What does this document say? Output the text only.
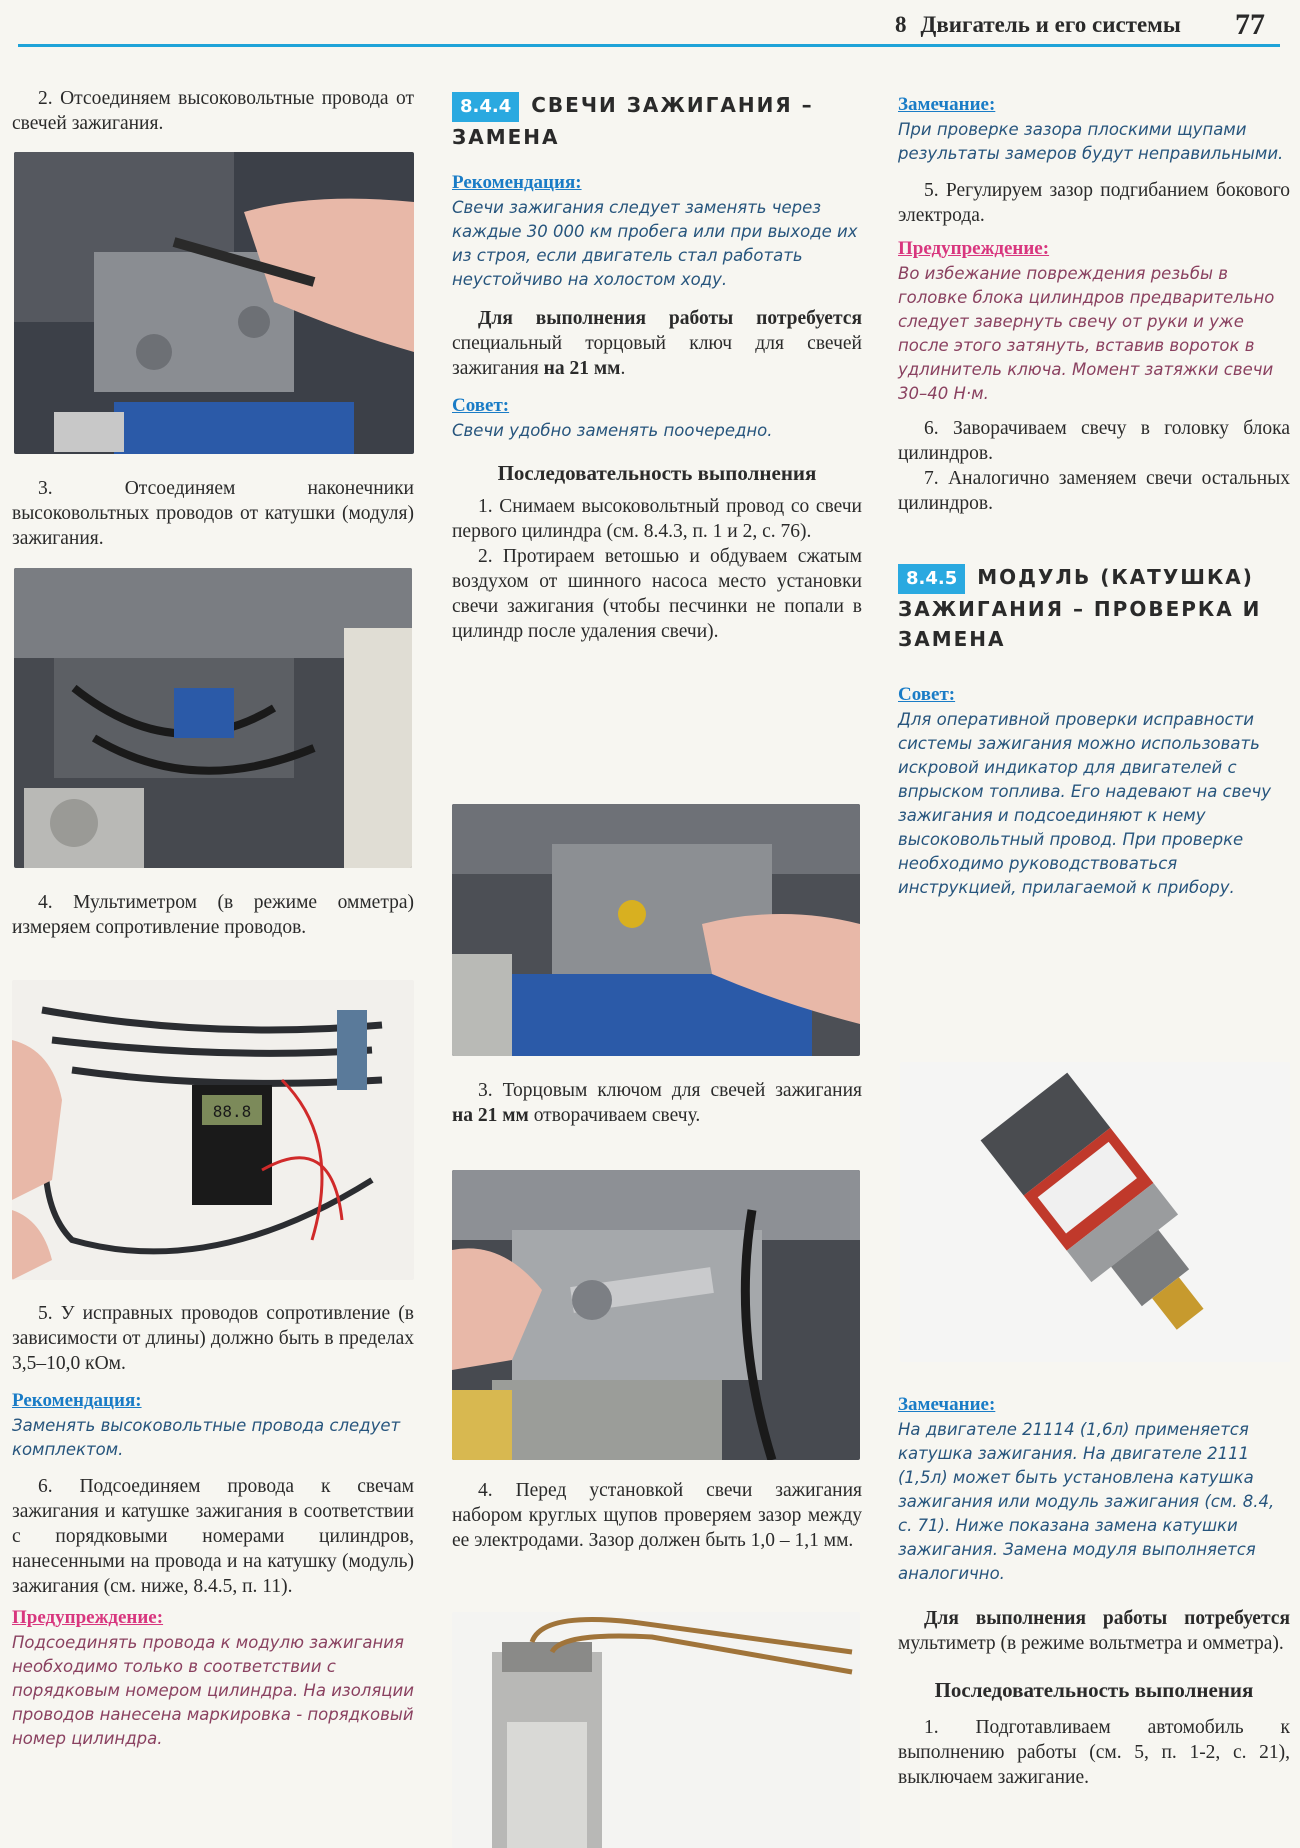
8 Двигатель и его системы 77

2. Отсоединяем высоковольтные провода от свечей зажигания.

3. Отсоединяем наконечники высоковольтных проводов от катушки (модуля) зажигания.

4. Мультиметром (в режиме омметра) измеряем сопротивление проводов.

88.8

5. У исправных проводов сопротивление (в зависимости от длины) должно быть в пределах 3,5–10,0 кОм.

Рекомендация:

Заменять высоковольтные провода следует комплектом.

6. Подсоединяем провода к свечам зажигания и катушке зажигания в соответствии с порядковыми номерами цилиндров, нанесенными на провода и на катушку (модуль) зажигания (см. ниже, 8.4.5, п. 11).

Предупреждение:

Подсоединять провода к модулю зажигания необходимо только в соответствии с порядковым номером цилиндра. На изоляции проводов нанесена маркировка - порядковый номер цилиндра.

8.4.4 СВЕЧИ ЗАЖИГАНИЯ – ЗАМЕНА

Рекомендация:

Свечи зажигания следует заменять через каждые 30 000 км пробега или при выходе их из строя, если двигатель стал работать неустойчиво на холостом ходу.

Для выполнения работы потребуется специальный торцовый ключ для свечей зажигания на 21 мм.

Совет:

Свечи удобно заменять поочередно.

Последовательность выполнения

1. Снимаем высоковольтный провод со свечи первого цилиндра (см. 8.4.3, п. 1 и 2, с. 76).

2. Протираем ветошью и обдуваем сжатым воздухом от шинного насоса место установки свечи зажигания (чтобы песчинки не попали в цилиндр после удаления свечи).

3. Торцовым ключом для свечей зажигания на 21 мм отворачиваем свечу.

4. Перед установкой свечи зажигания набором круглых щупов проверяем зазор между ее электродами. Зазор должен быть 1,0 – 1,1 мм.

Замечание:

При проверке зазора плоскими щупами результаты замеров будут неправильными.

5. Регулируем зазор подгибанием бокового электрода.

Предупреждение:

Во избежание повреждения резьбы в головке блока цилиндров предварительно следует завернуть свечу от руки и уже после этого затянуть, вставив вороток в удлинитель ключа. Момент затяжки свечи 30–40 Н·м.

6. Заворачиваем свечу в головку блока цилиндров.

7. Аналогично заменяем свечи остальных цилиндров.

8.4.5 МОДУЛЬ (КАТУШКА) ЗАЖИГАНИЯ – ПРОВЕРКА И ЗАМЕНА

Совет:

Для оперативной проверки исправности системы зажигания можно использовать искровой индикатор для двигателей с впрыском топлива. Его надевают на свечу зажигания и подсоединяют к нему высоковольтный провод. При проверке необходимо руководствоваться инструкцией, прилагаемой к прибору.

Замечание:

На двигателе 21114 (1,6л) применяется катушка зажигания. На двигателе 2111 (1,5л) может быть установлена катушка зажигания или модуль зажигания (см. 8.4, с. 71). Ниже показана замена катушки зажигания. Замена модуля выполняется аналогично.

Для выполнения работы потребуется мультиметр (в режиме вольтметра и омметра).

Последовательность выполнения

1. Подготавливаем автомобиль к выполнению работы (см. 5, п. 1-2, с. 21), выключаем зажигание.
